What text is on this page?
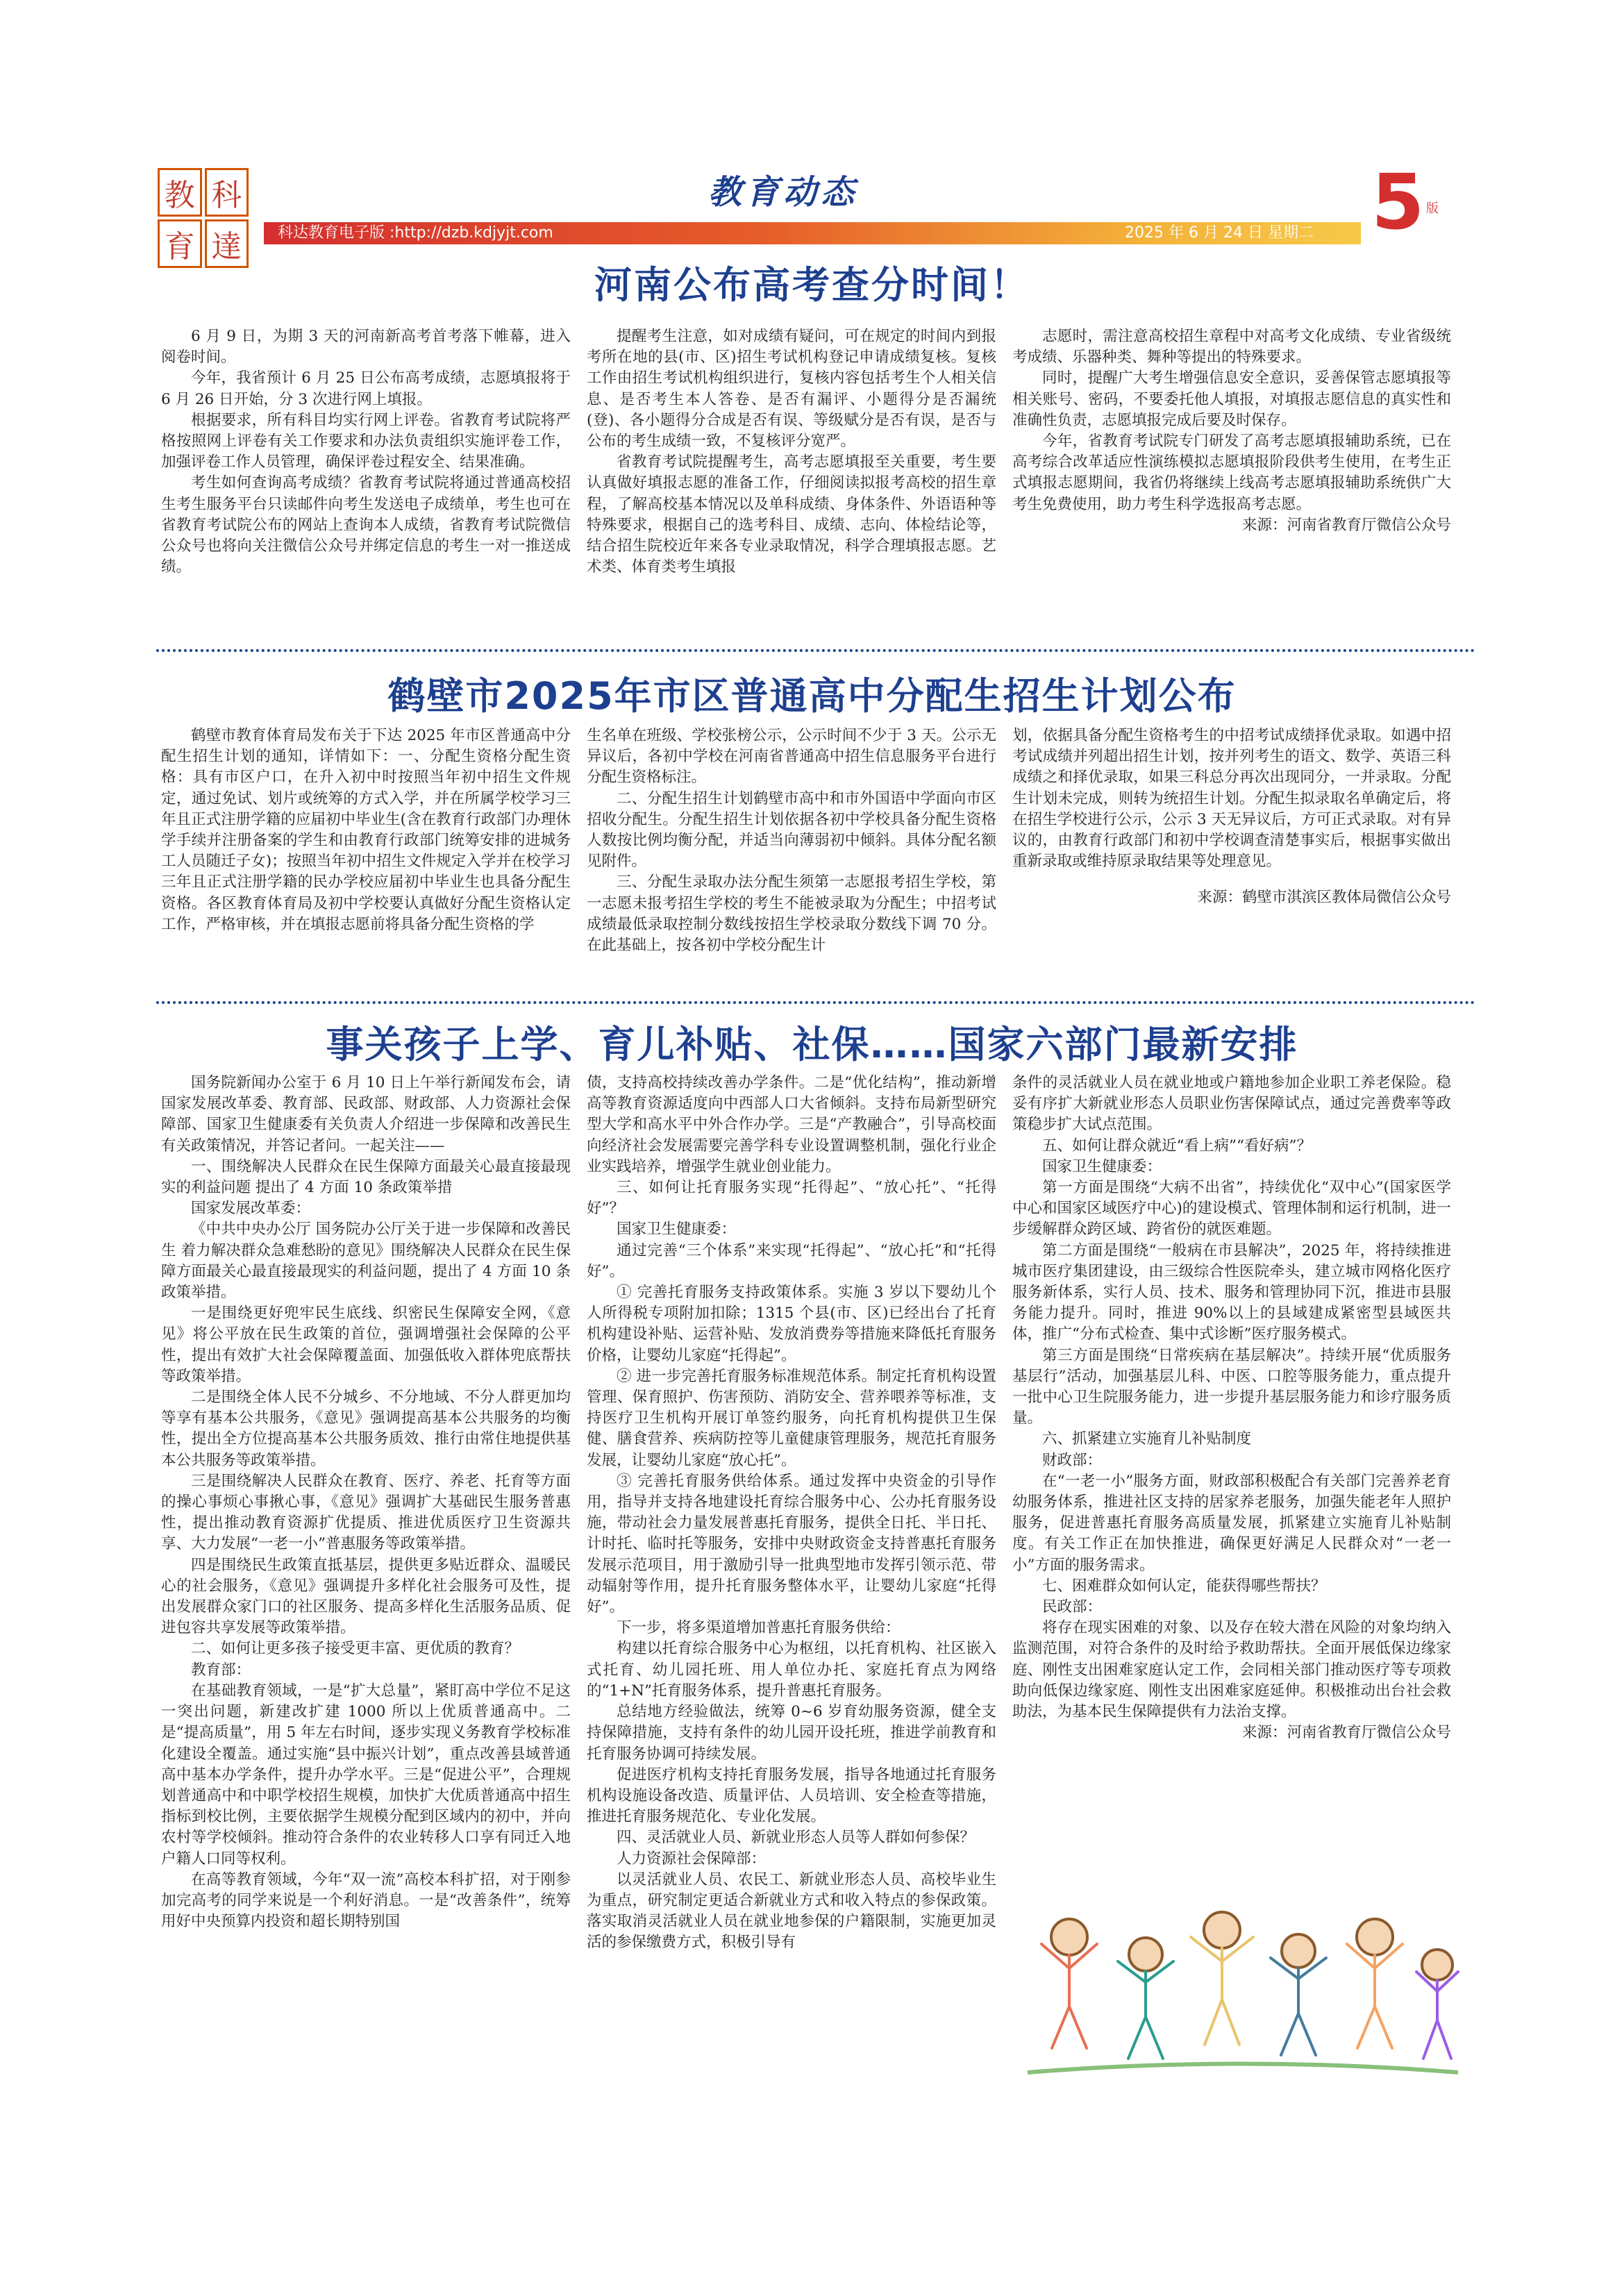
教 科
育 達
教育动态
科达教育电子版 :http://dzb.kdjyjt.com	2025 年 6 月 24 日 星期二 5 版
河南公布高考查分时间！

6 月 9 日，为期 3 天的河南新高考首考落下帷幕，进入阅卷时间。

今年，我省预计 6 月 25 日公布高考成绩，志愿填报将于 6 月 26 日开始，分 3 次进行网上填报。

根据要求，所有科目均实行网上评卷。省教育考试院将严格按照网上评卷有关工作要求和办法负责组织实施评卷工作，加强评卷工作人员管理，确保评卷过程安全、结果准确。

考生如何查询高考成绩？省教育考试院将通过普通高校招生考生服务平台只读邮件向考生发送电子成绩单，考生也可在省教育考试院公布的网站上查询本人成绩，省教育考试院微信公众号也将向关注微信公众号并绑定信息的考生一对一推送成绩。

提醒考生注意，如对成绩有疑问，可在规定的时间内到报考所在地的县(市、区)招生考试机构登记申请成绩复核。复核工作由招生考试机构组织进行，复核内容包括考生个人相关信息、是否考生本人答卷、是否有漏评、小题得分是否漏统(登)、各小题得分合成是否有误、等级赋分是否有误，是否与公布的考生成绩一致，不复核评分宽严。

省教育考试院提醒考生，高考志愿填报至关重要，考生要认真做好填报志愿的准备工作，仔细阅读拟报考高校的招生章程，了解高校基本情况以及单科成绩、身体条件、外语语种等特殊要求，根据自己的选考科目、成绩、志向、体检结论等，结合招生院校近年来各专业录取情况，科学合理填报志愿。艺术类、体育类考生填报

志愿时，需注意高校招生章程中对高考文化成绩、专业省级统考成绩、乐器种类、舞种等提出的特殊要求。

同时，提醒广大考生增强信息安全意识，妥善保管志愿填报等相关账号、密码，不要委托他人填报，对填报志愿信息的真实性和准确性负责，志愿填报完成后要及时保存。

今年，省教育考试院专门研发了高考志愿填报辅助系统，已在高考综合改革适应性演练模拟志愿填报阶段供考生使用，在考生正式填报志愿期间，我省仍将继续上线高考志愿填报辅助系统供广大考生免费使用，助力考生科学选报高考志愿。

来源：河南省教育厅微信公众号

鹤壁市2025年市区普通高中分配生招生计划公布

鹤壁市教育体育局发布关于下达 2025 年市区普通高中分配生招生计划的通知，详情如下：一、分配生资格分配生资格：具有市区户口，在升入初中时按照当年初中招生文件规定，通过免试、划片或统筹的方式入学，并在所属学校学习三年且正式注册学籍的应届初中毕业生(含在教育行政部门办理休学手续并注册备案的学生和由教育行政部门统筹安排的进城务工人员随迁子女)；按照当年初中招生文件规定入学并在校学习三年且正式注册学籍的民办学校应届初中毕业生也具备分配生资格。各区教育体育局及初中学校要认真做好分配生资格认定工作，严格审核，并在填报志愿前将具备分配生资格的学

生名单在班级、学校张榜公示，公示时间不少于 3 天。公示无异议后，各初中学校在河南省普通高中招生信息服务平台进行分配生资格标注。

二、分配生招生计划鹤壁市高中和市外国语中学面向市区招收分配生。分配生招生计划依据各初中学校具备分配生资格人数按比例均衡分配，并适当向薄弱初中倾斜。具体分配名额见附件。

三、分配生录取办法分配生须第一志愿报考招生学校，第一志愿未报考招生学校的考生不能被录取为分配生；中招考试成绩最低录取控制分数线按招生学校录取分数线下调 70 分。在此基础上，按各初中学校分配生计

划，依据具备分配生资格考生的中招考试成绩择优录取。如遇中招考试成绩并列超出招生计划，按并列考生的语文、数学、英语三科成绩之和择优录取，如果三科总分再次出现同分，一并录取。分配生计划未完成，则转为统招生计划。分配生拟录取名单确定后，将在招生学校进行公示，公示 3 天无异议后，方可正式录取。对有异议的，由教育行政部门和初中学校调查清楚事实后，根据事实做出重新录取或维持原录取结果等处理意见。

来源：鹤壁市淇滨区教体局微信公众号

事关孩子上学、育儿补贴、社保……国家六部门最新安排

国务院新闻办公室于 6 月 10 日上午举行新闻发布会，请国家发展改革委、教育部、民政部、财政部、人力资源社会保障部、国家卫生健康委有关负责人介绍进一步保障和改善民生有关政策情况，并答记者问。一起关注——

一、围绕解决人民群众在民生保障方面最关心最直接最现实的利益问题 提出了 4 方面 10 条政策举措

国家发展改革委：

《中共中央办公厅 国务院办公厅关于进一步保障和改善民生 着力解决群众急难愁盼的意见》围绕解决人民群众在民生保障方面最关心最直接最现实的利益问题，提出了 4 方面 10 条政策举措。

一是围绕更好兜牢民生底线、织密民生保障安全网，《意见》将公平放在民生政策的首位，强调增强社会保障的公平性，提出有效扩大社会保障覆盖面、加强低收入群体兜底帮扶等政策举措。

二是围绕全体人民不分城乡、不分地域、不分人群更加均等享有基本公共服务，《意见》强调提高基本公共服务的均衡性，提出全方位提高基本公共服务质效、推行由常住地提供基本公共服务等政策举措。

三是围绕解决人民群众在教育、医疗、养老、托育等方面的操心事烦心事揪心事，《意见》强调扩大基础民生服务普惠性，提出推动教育资源扩优提质、推进优质医疗卫生资源共享、大力发展“一老一小”普惠服务等政策举措。

四是围绕民生政策直抵基层，提供更多贴近群众、温暖民心的社会服务，《意见》强调提升多样化社会服务可及性，提出发展群众家门口的社区服务、提高多样化生活服务品质、促进包容共享发展等政策举措。

二、如何让更多孩子接受更丰富、更优质的教育？

教育部：

在基础教育领域，一是“扩大总量”，紧盯高中学位不足这一突出问题，新建改扩建 1000 所以上优质普通高中。二是“提高质量”，用 5 年左右时间，逐步实现义务教育学校标准化建设全覆盖。通过实施“县中振兴计划”，重点改善县域普通高中基本办学条件，提升办学水平。三是“促进公平”，合理规划普通高中和中职学校招生规模，加快扩大优质普通高中招生指标到校比例，主要依据学生规模分配到区域内的初中，并向农村等学校倾斜。推动符合条件的农业转移人口享有同迁入地户籍人口同等权利。

在高等教育领域，今年“双一流”高校本科扩招，对于刚参加完高考的同学来说是一个利好消息。一是“改善条件”，统筹用好中央预算内投资和超长期特别国

债，支持高校持续改善办学条件。二是“优化结构”，推动新增高等教育资源适度向中西部人口大省倾斜。支持布局新型研究型大学和高水平中外合作办学。三是“产教融合”，引导高校面向经济社会发展需要完善学科专业设置调整机制，强化行业企业实践培养，增强学生就业创业能力。

三、如何让托育服务实现“托得起”、“放心托”、“托得好”？

国家卫生健康委：

通过完善“三个体系”来实现“托得起”、“放心托”和“托得好”。

① 完善托育服务支持政策体系。实施 3 岁以下婴幼儿个人所得税专项附加扣除；1315 个县(市、区)已经出台了托育机构建设补贴、运营补贴、发放消费券等措施来降低托育服务价格，让婴幼儿家庭“托得起”。

② 进一步完善托育服务标准规范体系。制定托育机构设置管理、保育照护、伤害预防、消防安全、营养喂养等标准，支持医疗卫生机构开展订单签约服务，向托育机构提供卫生保健、膳食营养、疾病防控等儿童健康管理服务，规范托育服务发展，让婴幼儿家庭“放心托”。

③ 完善托育服务供给体系。通过发挥中央资金的引导作用，指导并支持各地建设托育综合服务中心、公办托育服务设施，带动社会力量发展普惠托育服务，提供全日托、半日托、计时托、临时托等服务，安排中央财政资金支持普惠托育服务发展示范项目，用于激励引导一批典型地市发挥引领示范、带动辐射等作用，提升托育服务整体水平，让婴幼儿家庭“托得好”。

下一步，将多渠道增加普惠托育服务供给：

构建以托育综合服务中心为枢纽，以托育机构、社区嵌入式托育、幼儿园托班、用人单位办托、家庭托育点为网络的“1+N”托育服务体系，提升普惠托育服务。

总结地方经验做法，统筹 0~6 岁育幼服务资源，健全支持保障措施，支持有条件的幼儿园开设托班，推进学前教育和托育服务协调可持续发展。

促进医疗机构支持托育服务发展，指导各地通过托育服务机构设施设备改造、质量评估、人员培训、安全检查等措施，推进托育服务规范化、专业化发展。

四、灵活就业人员、新就业形态人员等人群如何参保？

人力资源社会保障部：

以灵活就业人员、农民工、新就业形态人员、高校毕业生为重点，研究制定更适合新就业方式和收入特点的参保政策。落实取消灵活就业人员在就业地参保的户籍限制，实施更加灵活的参保缴费方式，积极引导有

条件的灵活就业人员在就业地或户籍地参加企业职工养老保险。稳妥有序扩大新就业形态人员职业伤害保障试点，通过完善费率等政策稳步扩大试点范围。

五、如何让群众就近“看上病”“看好病”？

国家卫生健康委：

第一方面是围绕“大病不出省”，持续优化“双中心”(国家医学中心和国家区域医疗中心)的建设模式、管理体制和运行机制，进一步缓解群众跨区域、跨省份的就医难题。

第二方面是围绕“一般病在市县解决”，2025 年，将持续推进城市医疗集团建设，由三级综合性医院牵头，建立城市网格化医疗服务新体系，实行人员、技术、服务和管理协同下沉，推进市县服务能力提升。同时，推进 90%以上的县域建成紧密型县域医共体，推广“分布式检查、集中式诊断”医疗服务模式。

第三方面是围绕“日常疾病在基层解决”。持续开展“优质服务基层行”活动，加强基层儿科、中医、口腔等服务能力，重点提升一批中心卫生院服务能力，进一步提升基层服务能力和诊疗服务质量。

六、抓紧建立实施育儿补贴制度

财政部：

在“一老一小”服务方面，财政部积极配合有关部门完善养老育幼服务体系，推进社区支持的居家养老服务，加强失能老年人照护服务，促进普惠托育服务高质量发展，抓紧建立实施育儿补贴制度。有关工作正在加快推进，确保更好满足人民群众对“一老一小”方面的服务需求。

七、困难群众如何认定，能获得哪些帮扶？

民政部：

将存在现实困难的对象、以及存在较大潜在风险的对象均纳入监测范围，对符合条件的及时给予救助帮扶。全面开展低保边缘家庭、刚性支出困难家庭认定工作，会同相关部门推动医疗等专项救助向低保边缘家庭、刚性支出困难家庭延伸。积极推动出台社会救助法，为基本民生保障提供有力法治支撑。

来源：河南省教育厅微信公众号
